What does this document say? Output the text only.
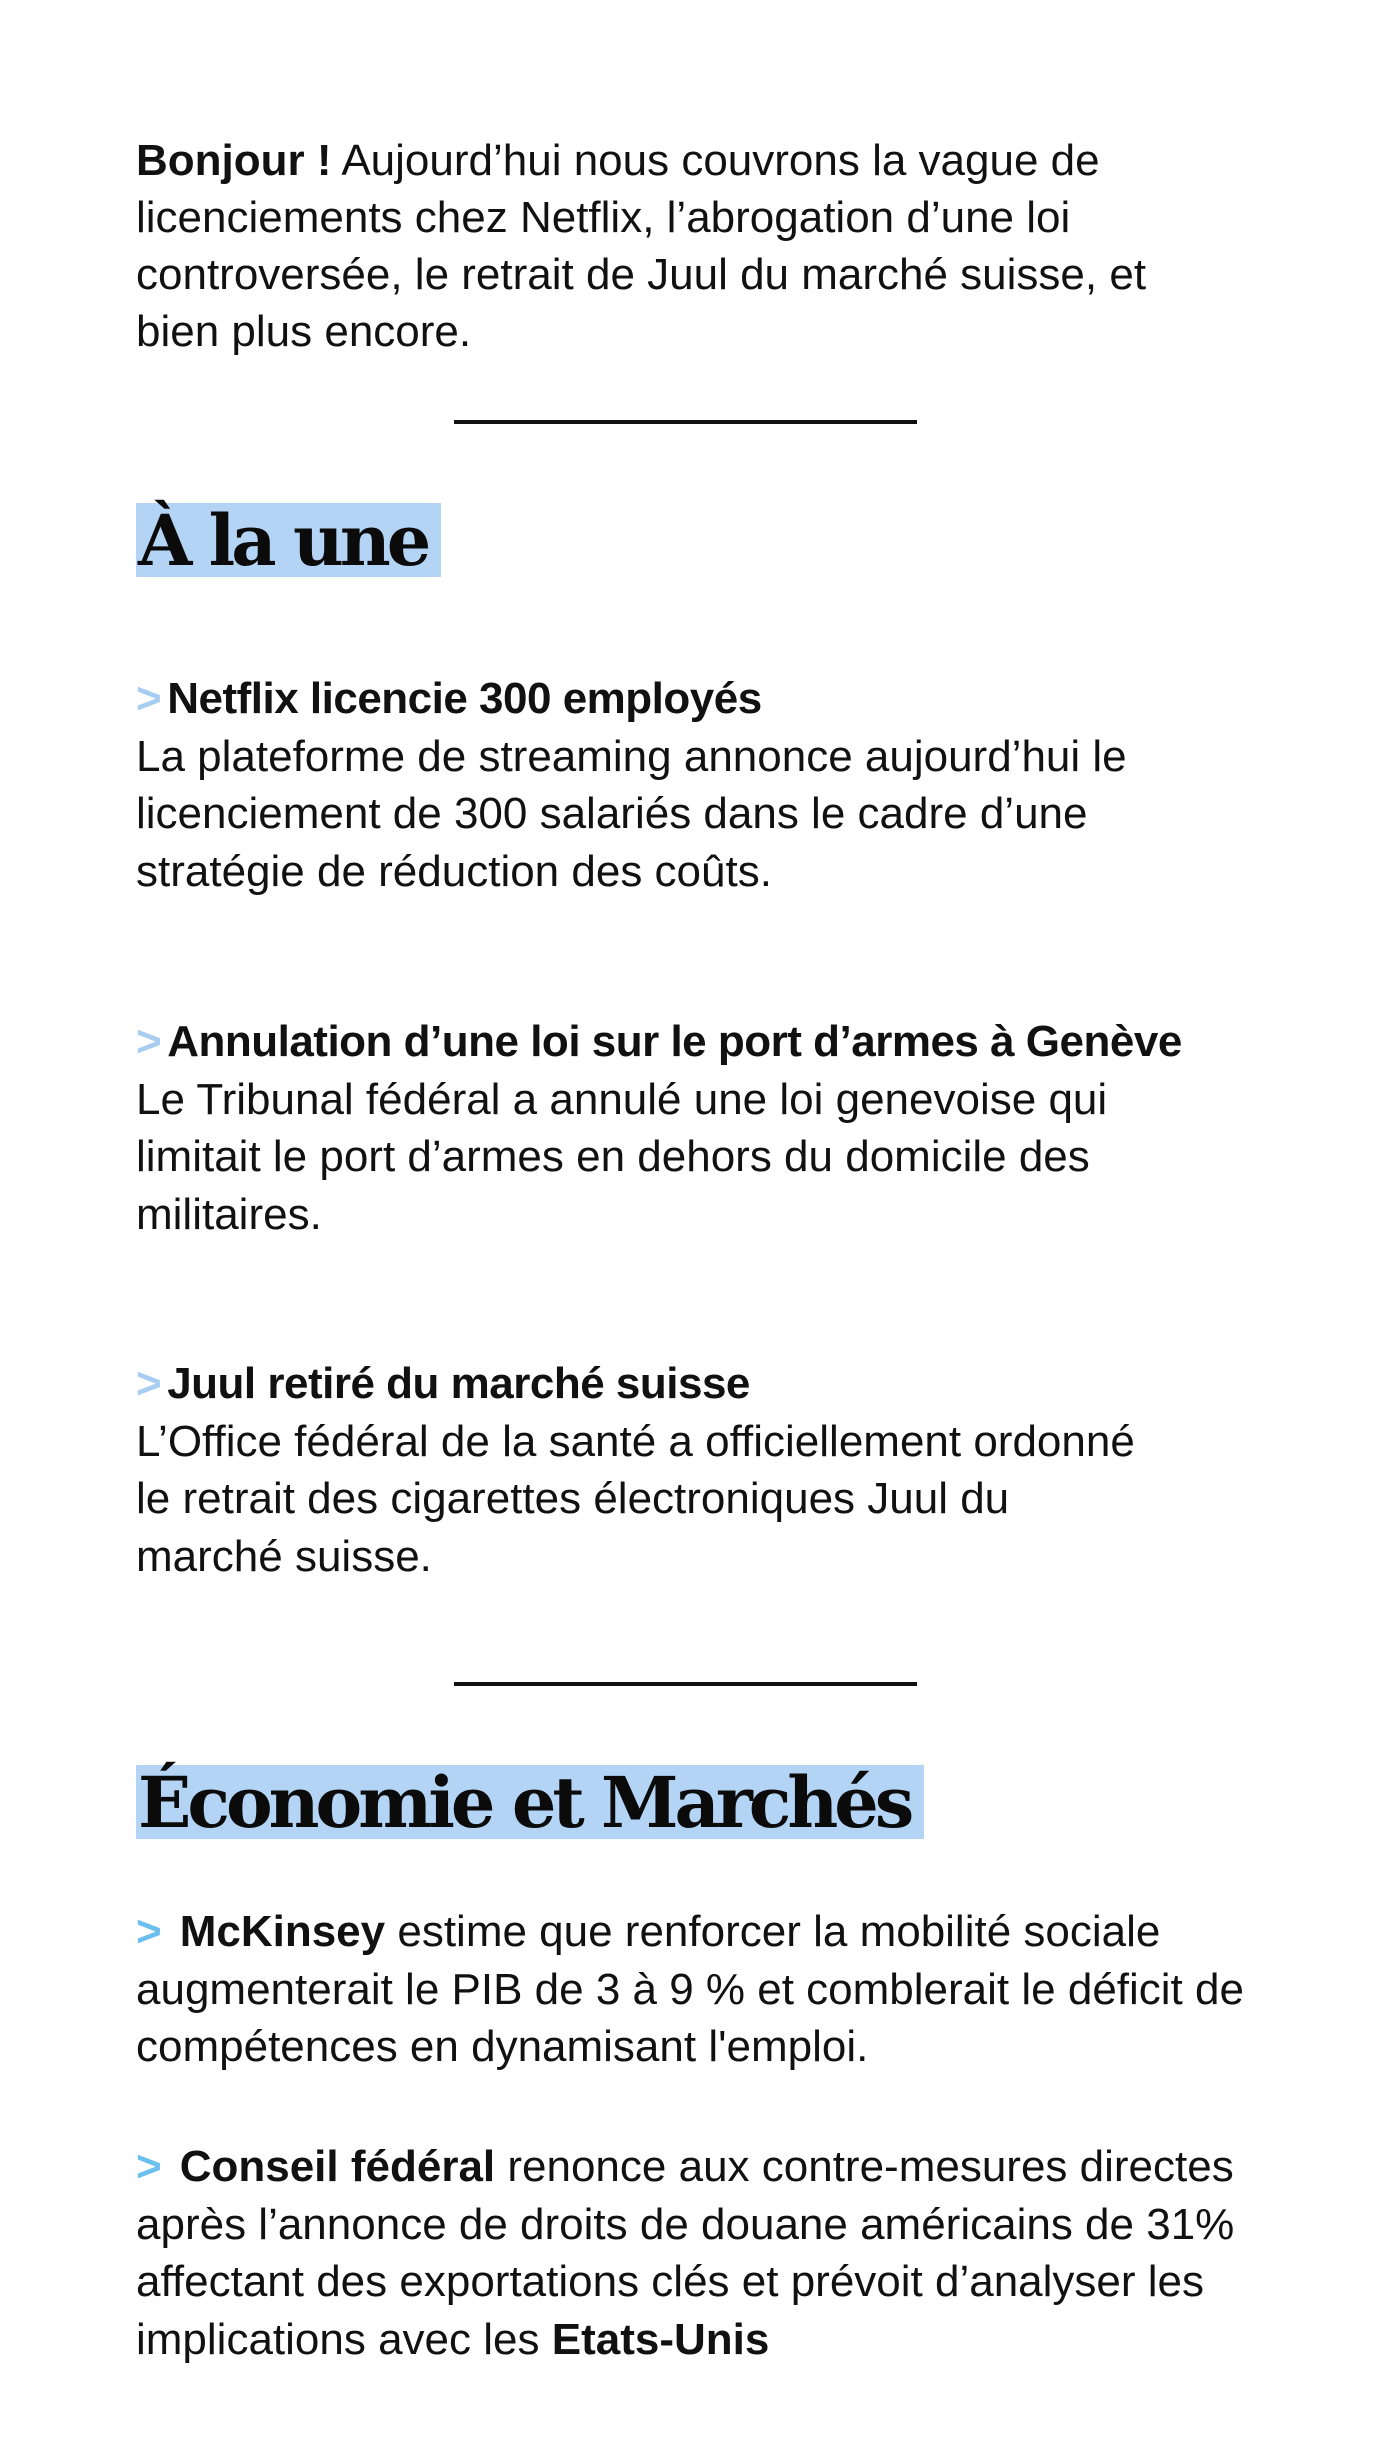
Bonjour ! Aujourd’hui nous couvrons la vague de licenciements chez Netflix, l’abrogation d’une loi controversée, le retrait de Juul du marché suisse, et bien plus encore.

À la une
> Netflix licencie 300 employés
La plateforme de streaming annonce aujourd’hui le licenciement de 300 salariés dans le cadre d’une stratégie de réduction des coûts.
> Annulation d’une loi sur le port d’armes à Genève
Le Tribunal fédéral a annulé une loi genevoise qui limitait le port d’armes en dehors du domicile des militaires.
> Juul retiré du marché suisse
L’Office fédéral de la santé a officiellement ordonné le retrait des cigarettes électroniques Juul du marché suisse.
Économie et Marchés
> McKinsey estime que renforcer la mobilité sociale augmenterait le PIB de 3 à 9 % et comblerait le déficit de compétences en dynamisant l'emploi.
> Conseil fédéral renonce aux contre-mesures directes après l’annonce de droits de douane américains de 31% affectant des exportations clés et prévoit d’analyser les implications avec les Etats-Unis
